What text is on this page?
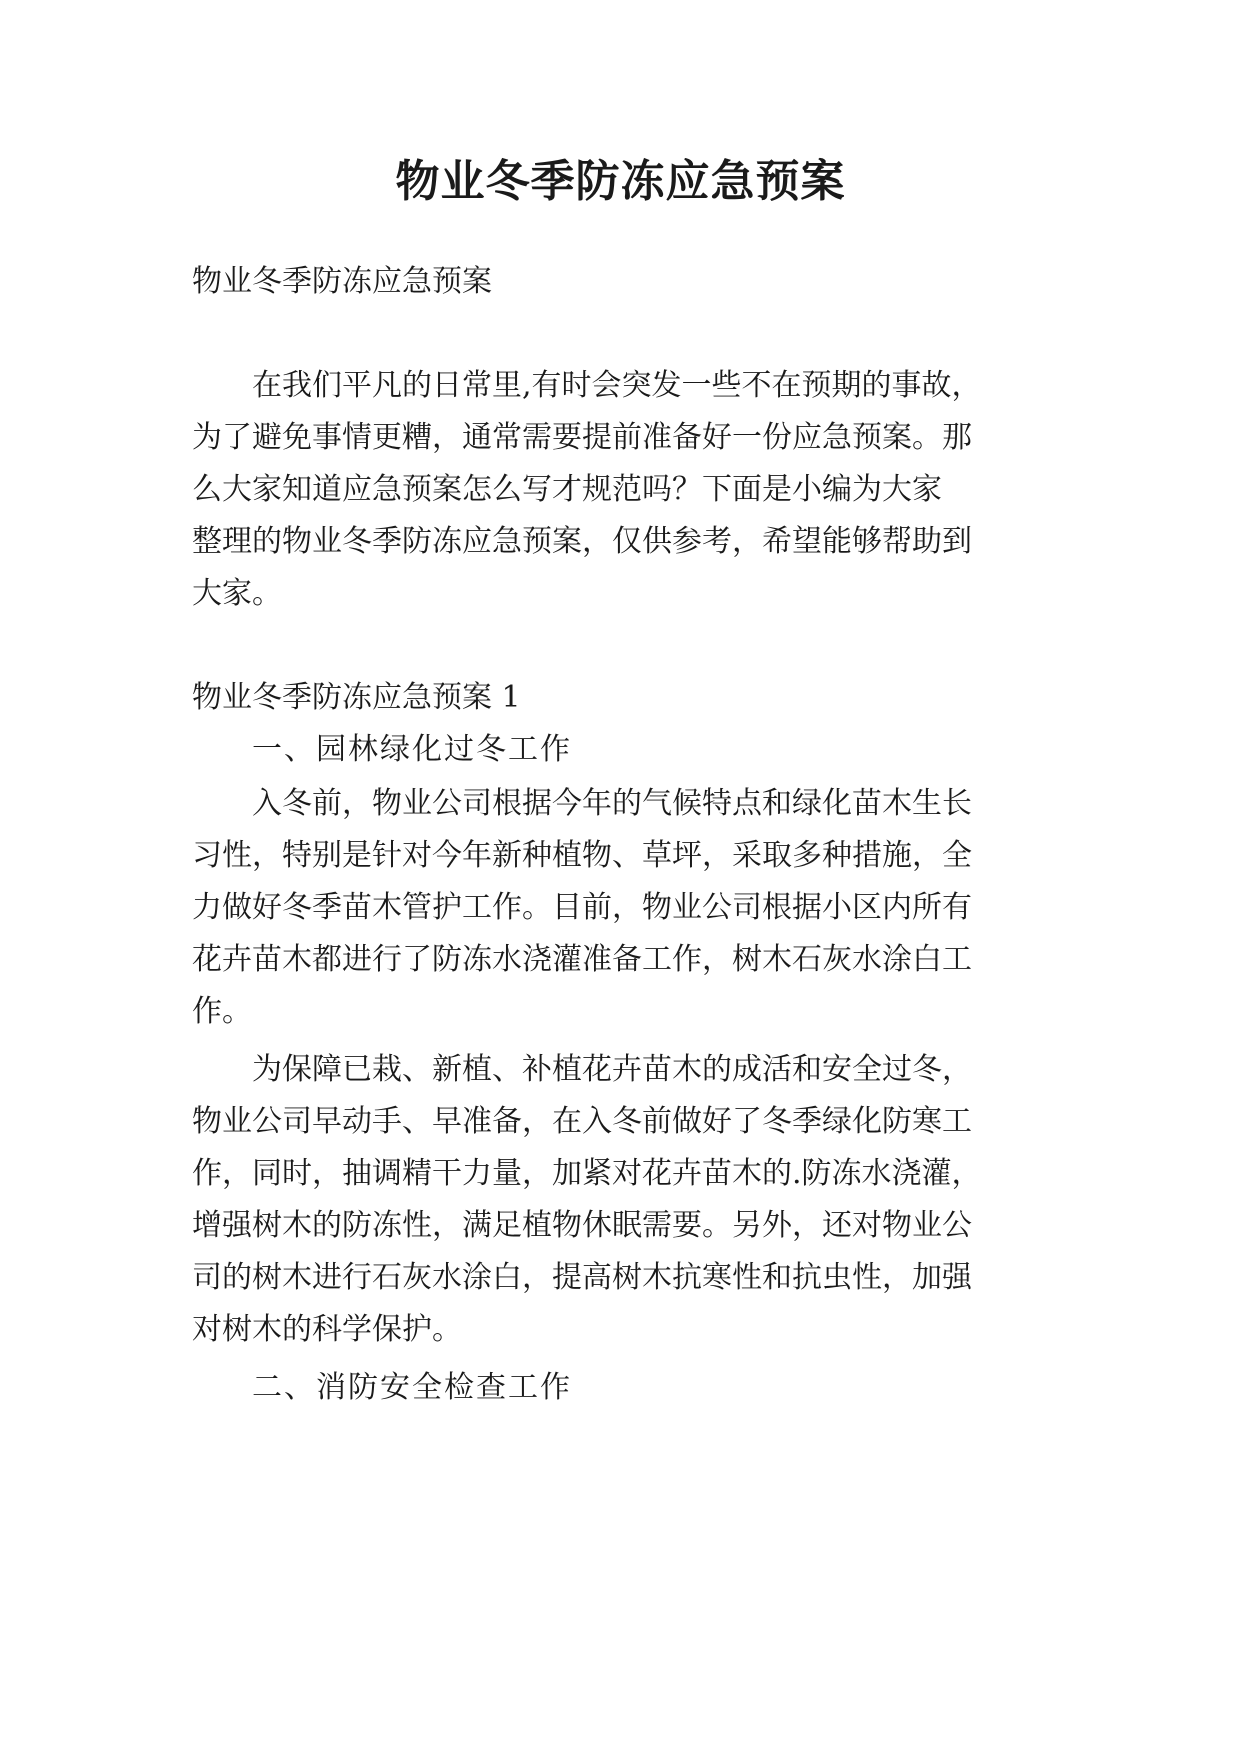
物业冬季防冻应急预案

物业冬季防冻应急预案

在我们平凡的日常里,有时会突发一些不在预期的事故，

为了避免事情更糟，通常需要提前准备好一份应急预案。那

么大家知道应急预案怎么写才规范吗？下面是小编为大家

整理的物业冬季防冻应急预案，仅供参考，希望能够帮助到

大家。

物业冬季防冻应急预案 1

一、园林绿化过冬工作

入冬前，物业公司根据今年的气候特点和绿化苗木生长

习性，特别是针对今年新种植物、草坪，采取多种措施，全

力做好冬季苗木管护工作。目前，物业公司根据小区内所有

花卉苗木都进行了防冻水浇灌准备工作，树木石灰水涂白工

作。

为保障已栽、新植、补植花卉苗木的成活和安全过冬，

物业公司早动手、早准备，在入冬前做好了冬季绿化防寒工

作，同时，抽调精干力量，加紧对花卉苗木的.防冻水浇灌，

增强树木的防冻性，满足植物休眠需要。另外，还对物业公

司的树木进行石灰水涂白，提高树木抗寒性和抗虫性，加强

对树木的科学保护。

二、消防安全检查工作
